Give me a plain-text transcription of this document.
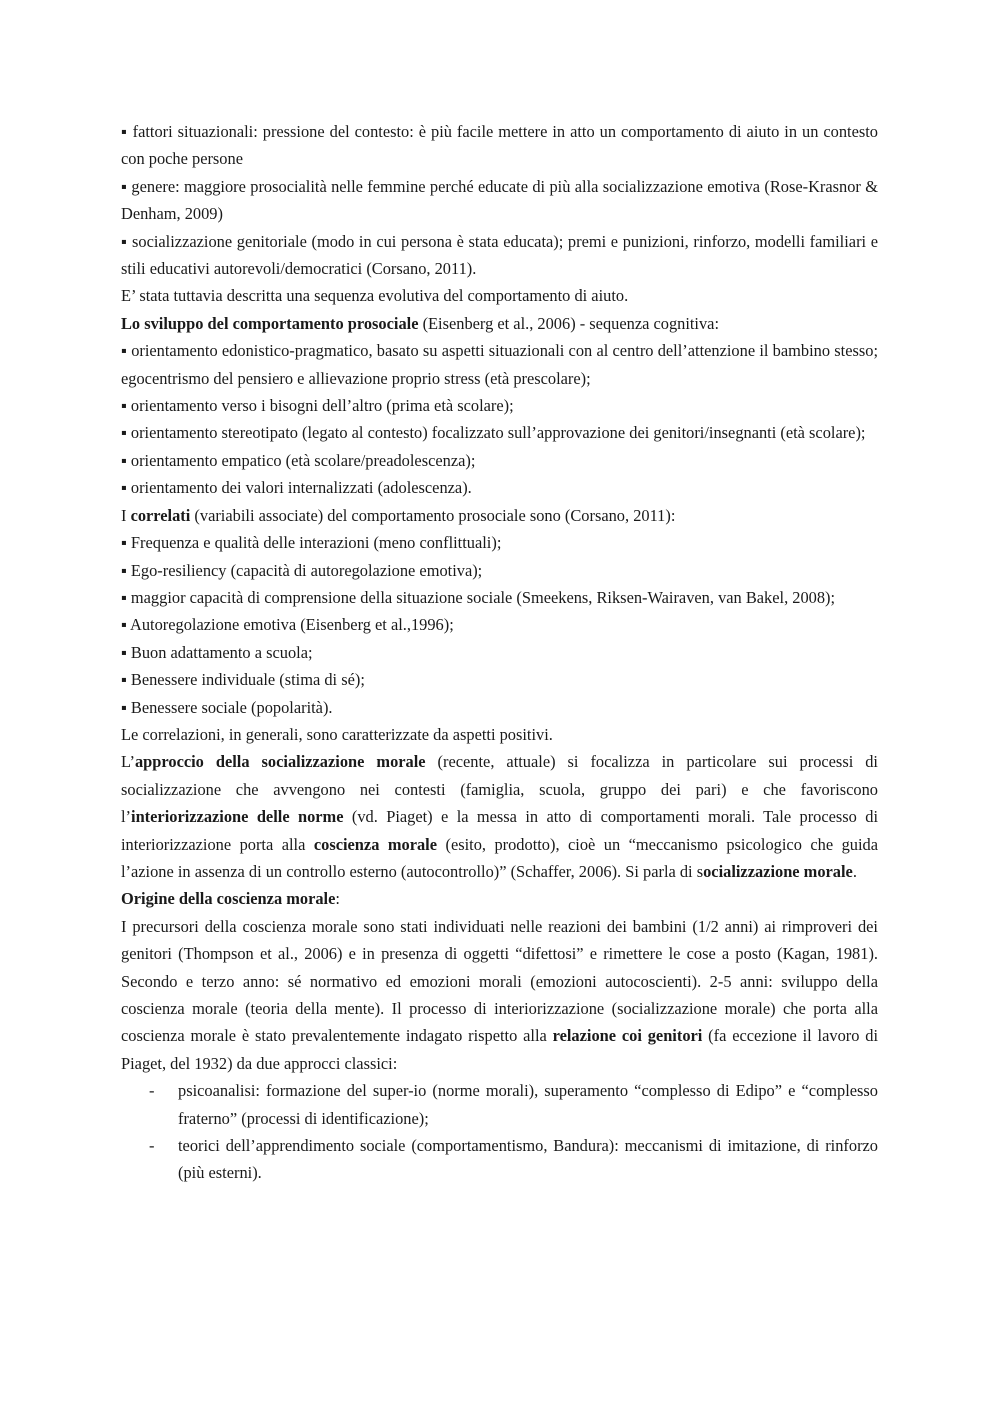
▪ fattori situazionali: pressione del contesto: è più facile mettere in atto un comportamento di aiuto in un contesto con poche persone

▪ genere: maggiore prosocialità nelle femmine perché educate di più alla socializzazione emotiva (Rose-Krasnor & Denham, 2009)

▪ socializzazione genitoriale (modo in cui persona è stata educata); premi e punizioni, rinforzo, modelli familiari e stili educativi autorevoli/democratici (Corsano, 2011).

E’ stata tuttavia descritta una sequenza evolutiva del comportamento di aiuto.

Lo sviluppo del comportamento prosociale (Eisenberg et al., 2006) - sequenza cognitiva:

▪ orientamento edonistico-pragmatico, basato su aspetti situazionali con al centro dell’attenzione il bambino stesso; egocentrismo del pensiero e allievazione proprio stress (età prescolare);

▪ orientamento verso i bisogni dell’altro (prima età scolare);

▪ orientamento stereotipato (legato al contesto) focalizzato sull’approvazione dei genitori/insegnanti (età scolare);

▪ orientamento empatico (età scolare/preadolescenza);

▪ orientamento dei valori internalizzati (adolescenza).

I correlati (variabili associate) del comportamento prosociale sono (Corsano, 2011):

▪ Frequenza e qualità delle interazioni (meno conflittuali);

▪ Ego-resiliency (capacità di autoregolazione emotiva);

▪ maggior capacità di comprensione della situazione sociale (Smeekens, Riksen-Wairaven, van Bakel, 2008);

▪ Autoregolazione emotiva (Eisenberg et al.,1996);

▪ Buon adattamento a scuola;

▪ Benessere individuale (stima di sé);

▪ Benessere sociale (popolarità).

Le correlazioni, in generali, sono caratterizzate da aspetti positivi.

L’approccio della socializzazione morale (recente, attuale) si focalizza in particolare sui processi di socializzazione che avvengono nei contesti (famiglia, scuola, gruppo dei pari) e che favoriscono l’interiorizzazione delle norme (vd. Piaget) e la messa in atto di comportamenti morali. Tale processo di interiorizzazione porta alla coscienza morale (esito, prodotto), cioè un “meccanismo psicologico che guida l’azione in assenza di un controllo esterno (autocontrollo)” (Schaffer, 2006). Si parla di socializzazione morale.

Origine della coscienza morale:

I precursori della coscienza morale sono stati individuati nelle reazioni dei bambini (1/2 anni) ai rimproveri dei genitori (Thompson et al., 2006) e in presenza di oggetti “difettosi” e rimettere le cose a posto (Kagan, 1981). Secondo e terzo anno: sé normativo ed emozioni morali (emozioni autocoscienti). 2-5 anni: sviluppo della coscienza morale (teoria della mente). Il processo di interiorizzazione (socializzazione morale) che porta alla coscienza morale è stato prevalentemente indagato rispetto alla relazione coi genitori (fa eccezione il lavoro di Piaget, del 1932) da due approcci classici:

- psicoanalisi: formazione del super-io (norme morali), superamento “complesso di Edipo” e “complesso fraterno” (processi di identificazione);

- teorici dell’apprendimento sociale (comportamentismo, Bandura): meccanismi di imitazione, di rinforzo (più esterni).
